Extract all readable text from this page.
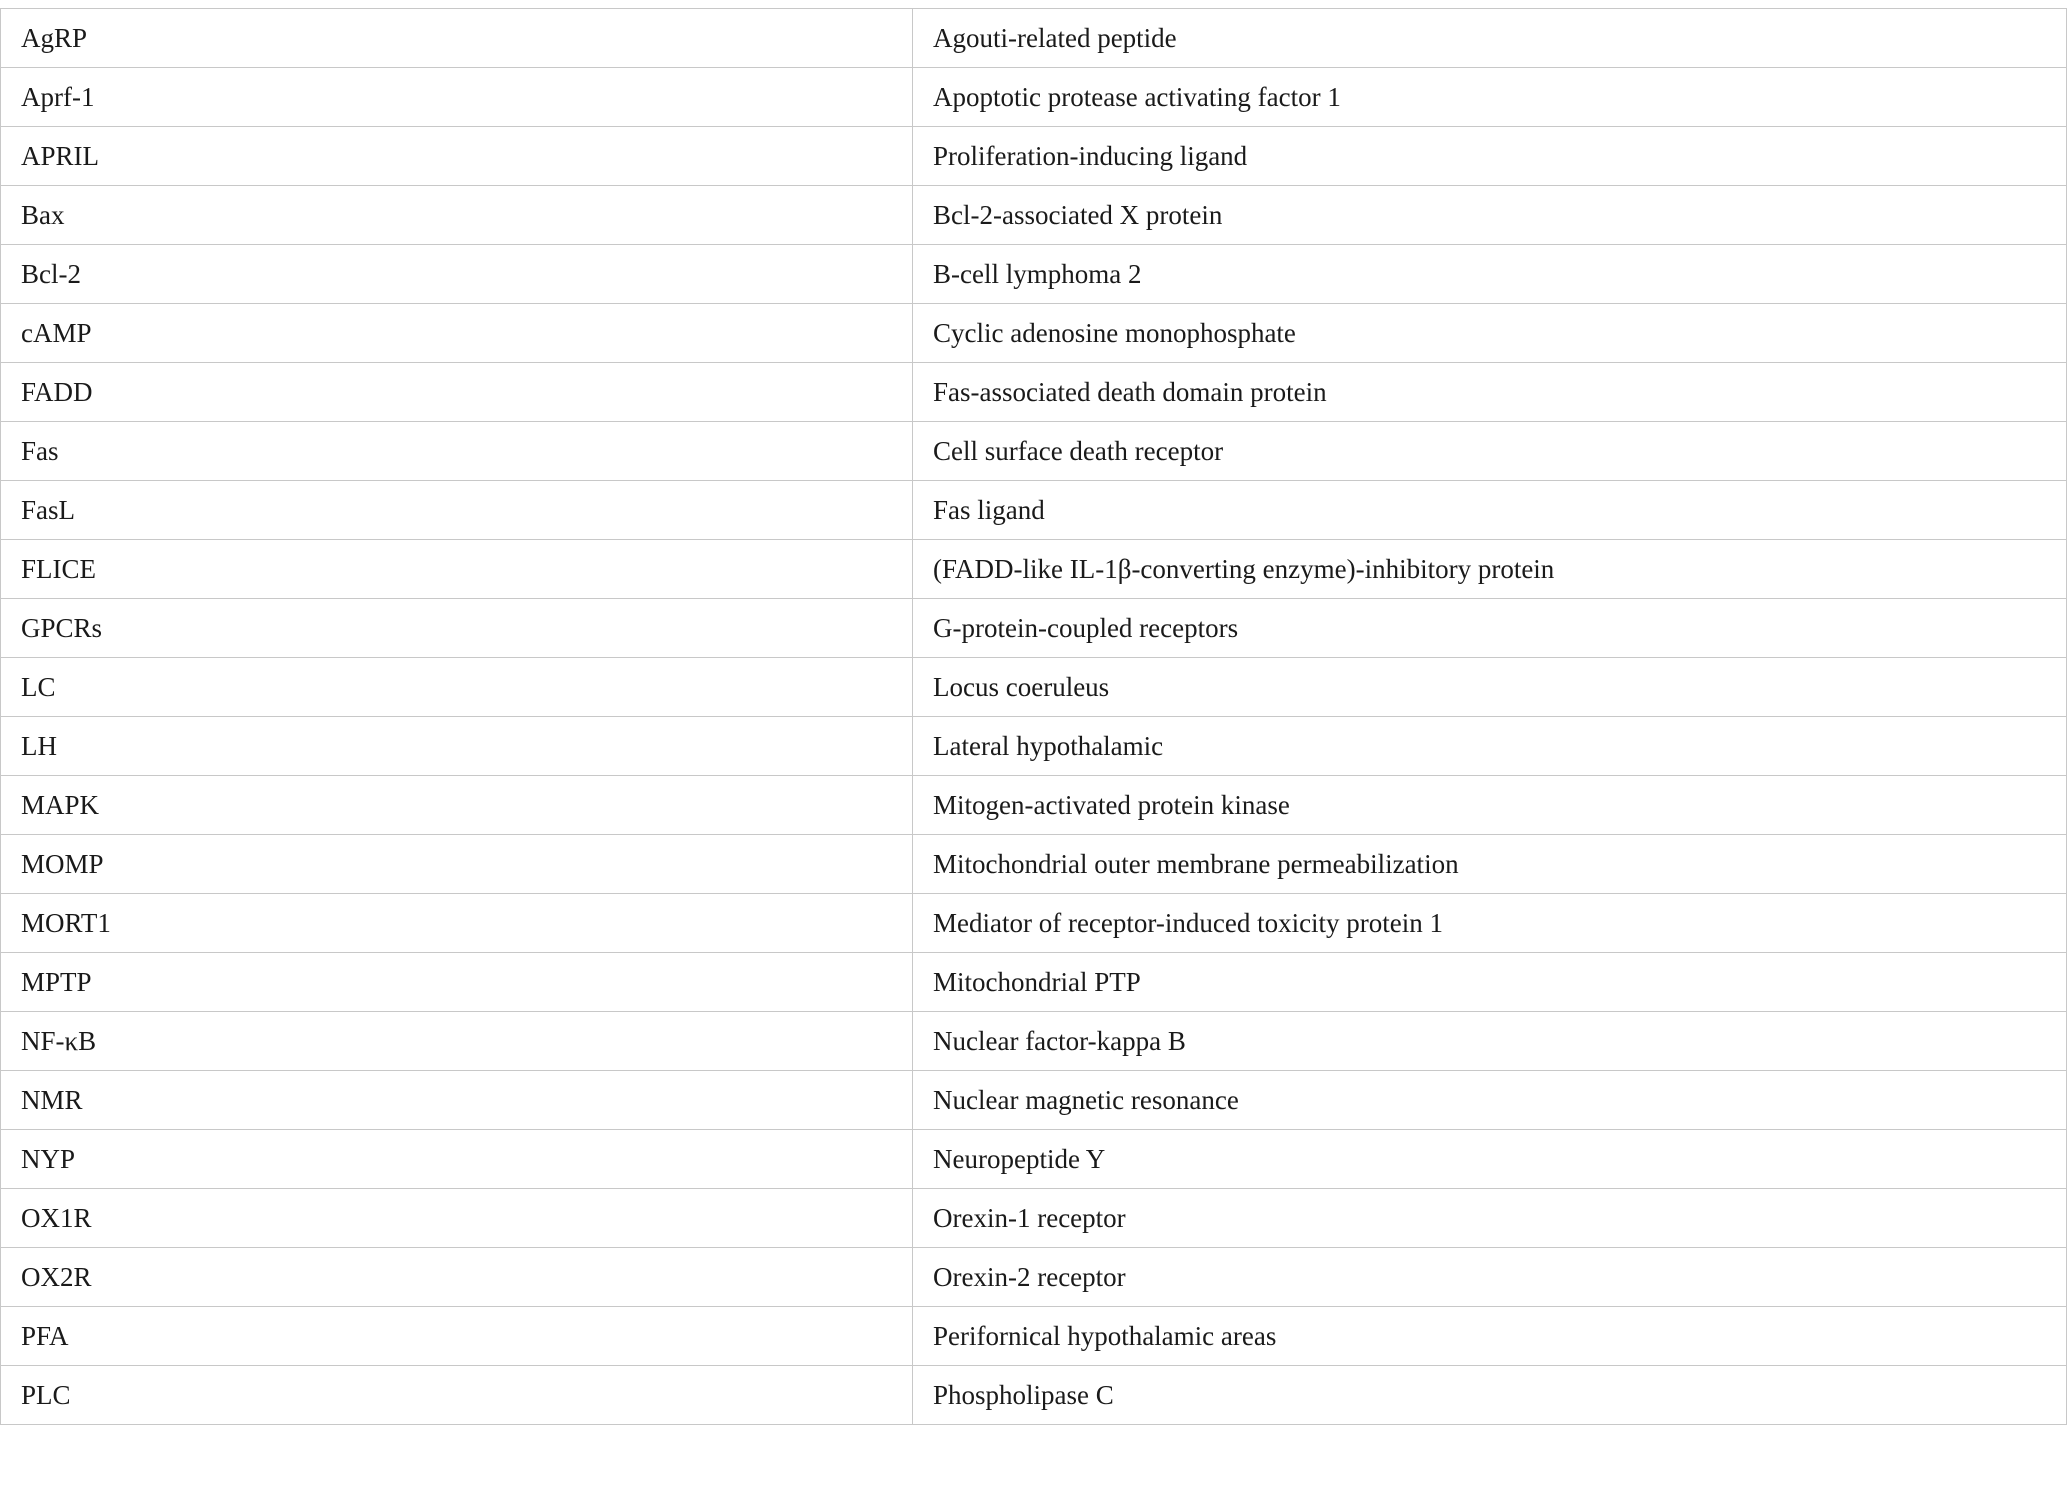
AgRP	Agouti-related peptide
Aprf-1	Apoptotic protease activating factor 1
APRIL	Proliferation-inducing ligand
Bax	Bcl-2-associated X protein
Bcl-2	B-cell lymphoma 2
cAMP	Cyclic adenosine monophosphate
FADD	Fas-associated death domain protein
Fas	Cell surface death receptor
FasL	Fas ligand
FLICE	(FADD-like IL-1β-converting enzyme)-inhibitory protein
GPCRs	G-protein-coupled receptors
LC	Locus coeruleus
LH	Lateral hypothalamic
MAPK	Mitogen-activated protein kinase
MOMP	Mitochondrial outer membrane permeabilization
MORT1	Mediator of receptor-induced toxicity protein 1
MPTP	Mitochondrial PTP
NF-κB	Nuclear factor-kappa B
NMR	Nuclear magnetic resonance
NYP	Neuropeptide Y
OX1R	Orexin-1 receptor
OX2R	Orexin-2 receptor
PFA	Perifornical hypothalamic areas
PLC	Phospholipase C
